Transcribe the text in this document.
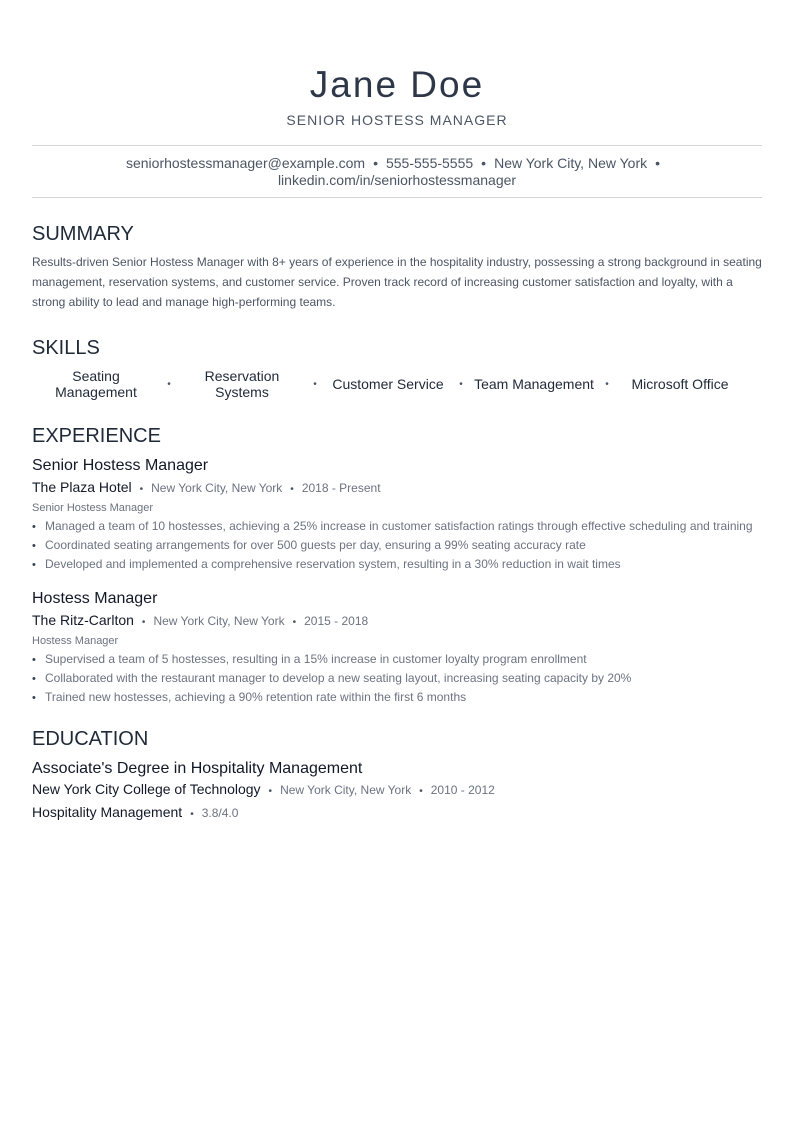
Jane Doe
SENIOR HOSTESS MANAGER
seniorhostessmanager@example.com • 555-555-5555 • New York City, New York •
linkedin.com/in/seniorhostessmanager
SUMMARY

Results-driven Senior Hostess Manager with 8+ years of experience in the hospitality industry, possessing a strong background in seating management, reservation systems, and customer service. Proven track record of increasing customer satisfaction and loyalty, with a strong ability to lead and manage high-performing teams.

SKILLS
Seating Management	•	Reservation Systems	•	Customer Service	• Team Management	•	Microsoft Office
EXPERIENCE
Senior Hostess Manager
The Plaza Hotel • New York City, New York • 2018 - Present
Senior Hostess Manager
• Managed a team of 10 hostesses, achieving a 25% increase in customer satisfaction ratings through effective scheduling and training
• Coordinated seating arrangements for over 500 guests per day, ensuring a 99% seating accuracy rate
• Developed and implemented a comprehensive reservation system, resulting in a 30% reduction in wait times
Hostess Manager
The Ritz-Carlton • New York City, New York • 2015 - 2018
Hostess Manager
• Supervised a team of 5 hostesses, resulting in a 15% increase in customer loyalty program enrollment
• Collaborated with the restaurant manager to develop a new seating layout, increasing seating capacity by 20%
• Trained new hostesses, achieving a 90% retention rate within the first 6 months
EDUCATION
Associate's Degree in Hospitality Management
New York City College of Technology • New York City, New York • 2010 - 2012
Hospitality Management • 3.8/4.0
